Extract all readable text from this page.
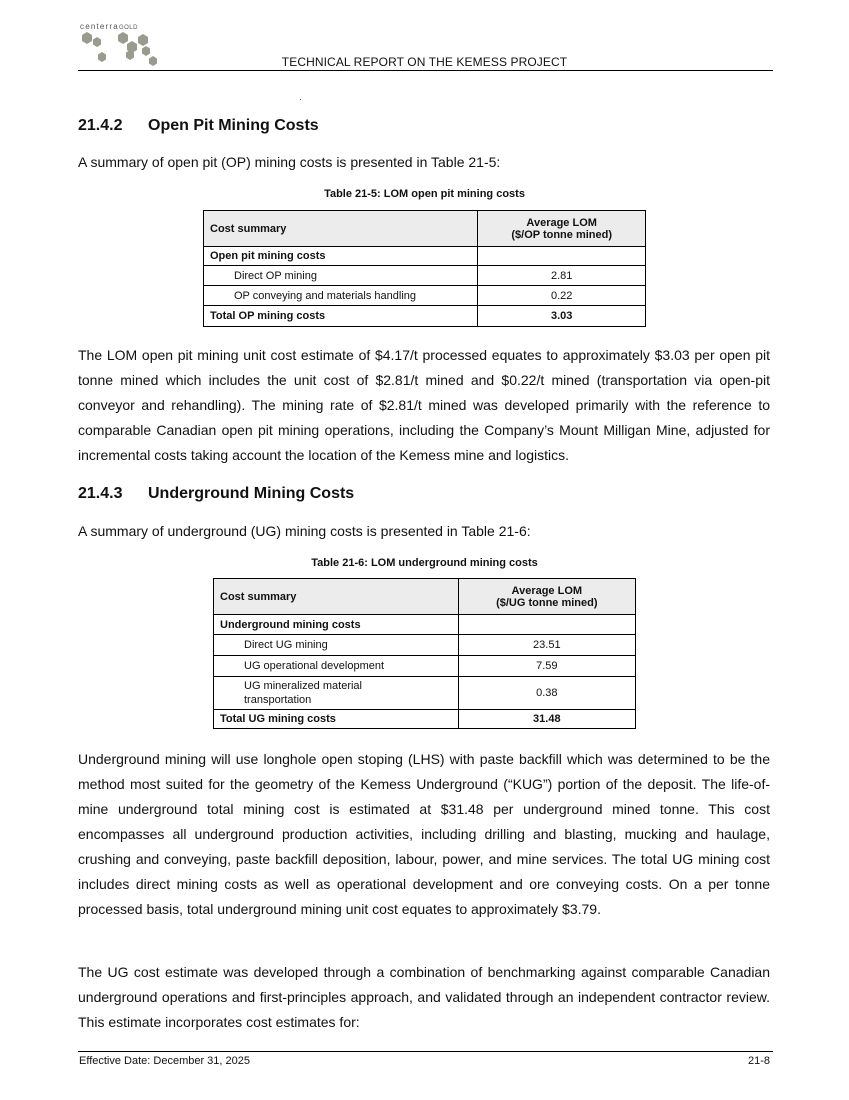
centerraGOLD
TECHNICAL REPORT ON THE KEMESS PROJECT
21.4.2 Open Pit Mining Costs

A summary of open pit (OP) mining costs is presented in Table 21-5:

Table 21-5: LOM open pit mining costs
Cost summary	Average LOM
($/OP tonne mined)

Open pit mining costs	
Direct OP mining	2.81
OP conveying and materials handling	0.22
Total OP mining costs	3.03

The LOM open pit mining unit cost estimate of $4.17/t processed equates to approximately $3.03 per open pit tonne mined which includes the unit cost of $2.81/t mined and $0.22/t mined (transportation via open-pit conveyor and rehandling). The mining rate of $2.81/t mined was developed primarily with the reference to comparable Canadian open pit mining operations, including the Company’s Mount Milligan Mine, adjusted for incremental costs taking account the location of the Kemess mine and logistics.

21.4.3 Underground Mining Costs

A summary of underground (UG) mining costs is presented in Table 21-6:

Table 21-6: LOM underground mining costs
Cost summary	Average LOM
($/UG tonne mined)

Underground mining costs	
Direct UG mining	23.51
UG operational development	7.59
UG mineralized material transportation	0.38
Total UG mining costs	31.48

Underground mining will use longhole open stoping (LHS) with paste backfill which was determined to be the method most suited for the geometry of the Kemess Underground (“KUG”) portion of the deposit. The life-of-mine underground total mining cost is estimated at $31.48 per underground mined tonne. This cost encompasses all underground production activities, including drilling and blasting, mucking and haulage, crushing and conveying, paste backfill deposition, labour, power, and mine services. The total UG mining cost includes direct mining costs as well as operational development and ore conveying costs. On a per tonne processed basis, total underground mining unit cost equates to approximately $3.79.

The UG cost estimate was developed through a combination of benchmarking against comparable Canadian underground operations and first-principles approach, and validated through an independent contractor review. This estimate incorporates cost estimates for:

Effective Date: December 31, 2025	21-8
